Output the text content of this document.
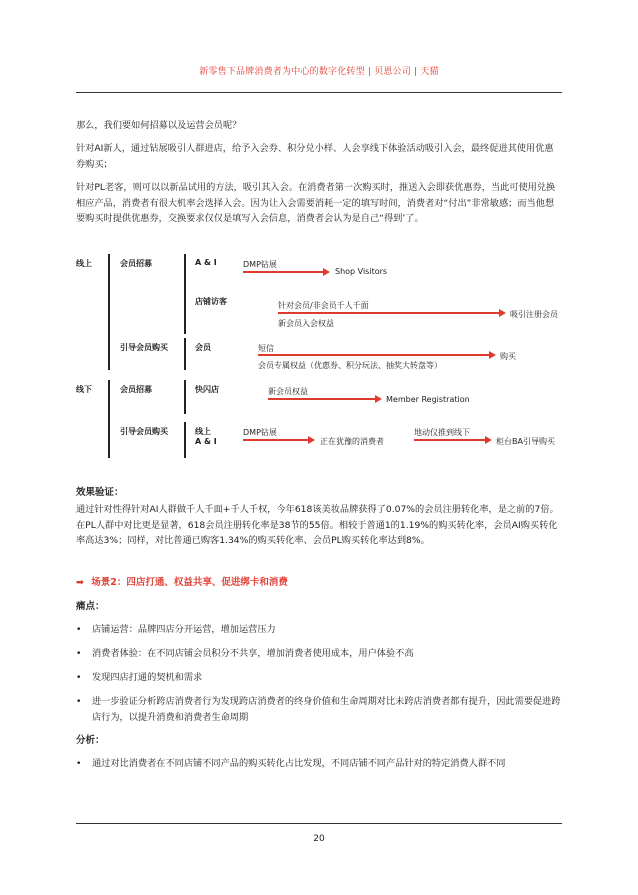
新零售下品牌消费者为中心的数字化转型 | 贝恩公司 | 天猫
那么，我们要如何招募以及运营会员呢？
针对AI新人，通过钻展吸引人群进店，给予入会券、积分兑小样、人会享线下体验活动吸引入会，最终促进其使用优惠券购买；
针对PL老客，则可以以新品试用的方法，吸引其入会。在消费者第一次购买时，推送入会即获优惠券，当此可使用兑换相应产品，消费者有很大机率会选择入会。因为让入会需要消耗一定的填写时间，消费者对“付出”非常敏感；而当他想要购买时提供优惠券，交换要求仅仅是填写入会信息，消费者会认为是自己“得到’了。
线上
线下
会员招募
引导会员购买
会员招募
引导会员购买
A & I
店铺访客
会员
快闪店
线上
A & I
DMP钻展
Shop Visitors
针对会员/非会员千人千面
新会员入会权益
吸引注册会员
短信
会员专属权益（优惠券、积分玩法、抽奖大转盘等）
购买
新会员权益
Member Registration
DMP钻展
正在犹豫的消费者
地动仪推到线下
柜台BA引导购买
效果验证：
通过针对性得针对AI人群做千人千面+千人千权，今年618该美妆品牌获得了0.07%的会员注册转化率，是之前的7倍。在PL人群中对比更是显著，618会员注册转化率是38节的55倍。相较于普通1的1.19%的购买转化率，会员AI购买转化率高达3%；同样，对比普通已购客1.34%的购买转化率、会员PL购买转化率达到8%。
➡ 场景2：四店打通、权益共享、促进绑卡和消费
痛点：
• 店铺运营：品牌四店分开运营，增加运营压力
• 消费者体验：在不同店铺会员积分不共享，增加消费者使用成本，用户体验不高
• 发现四店打通的契机和需求
• 进一步验证分析跨店消费者行为发现跨店消费者的终身价值和生命周期对比未跨店消费者都有提升，因此需要促进跨店行为，以提升消费和消费者生命周期
分析：
• 通过对比消费者在不同店铺不同产品的购买转化占比发现，不同店铺不同产品针对的特定消费人群不同
20
